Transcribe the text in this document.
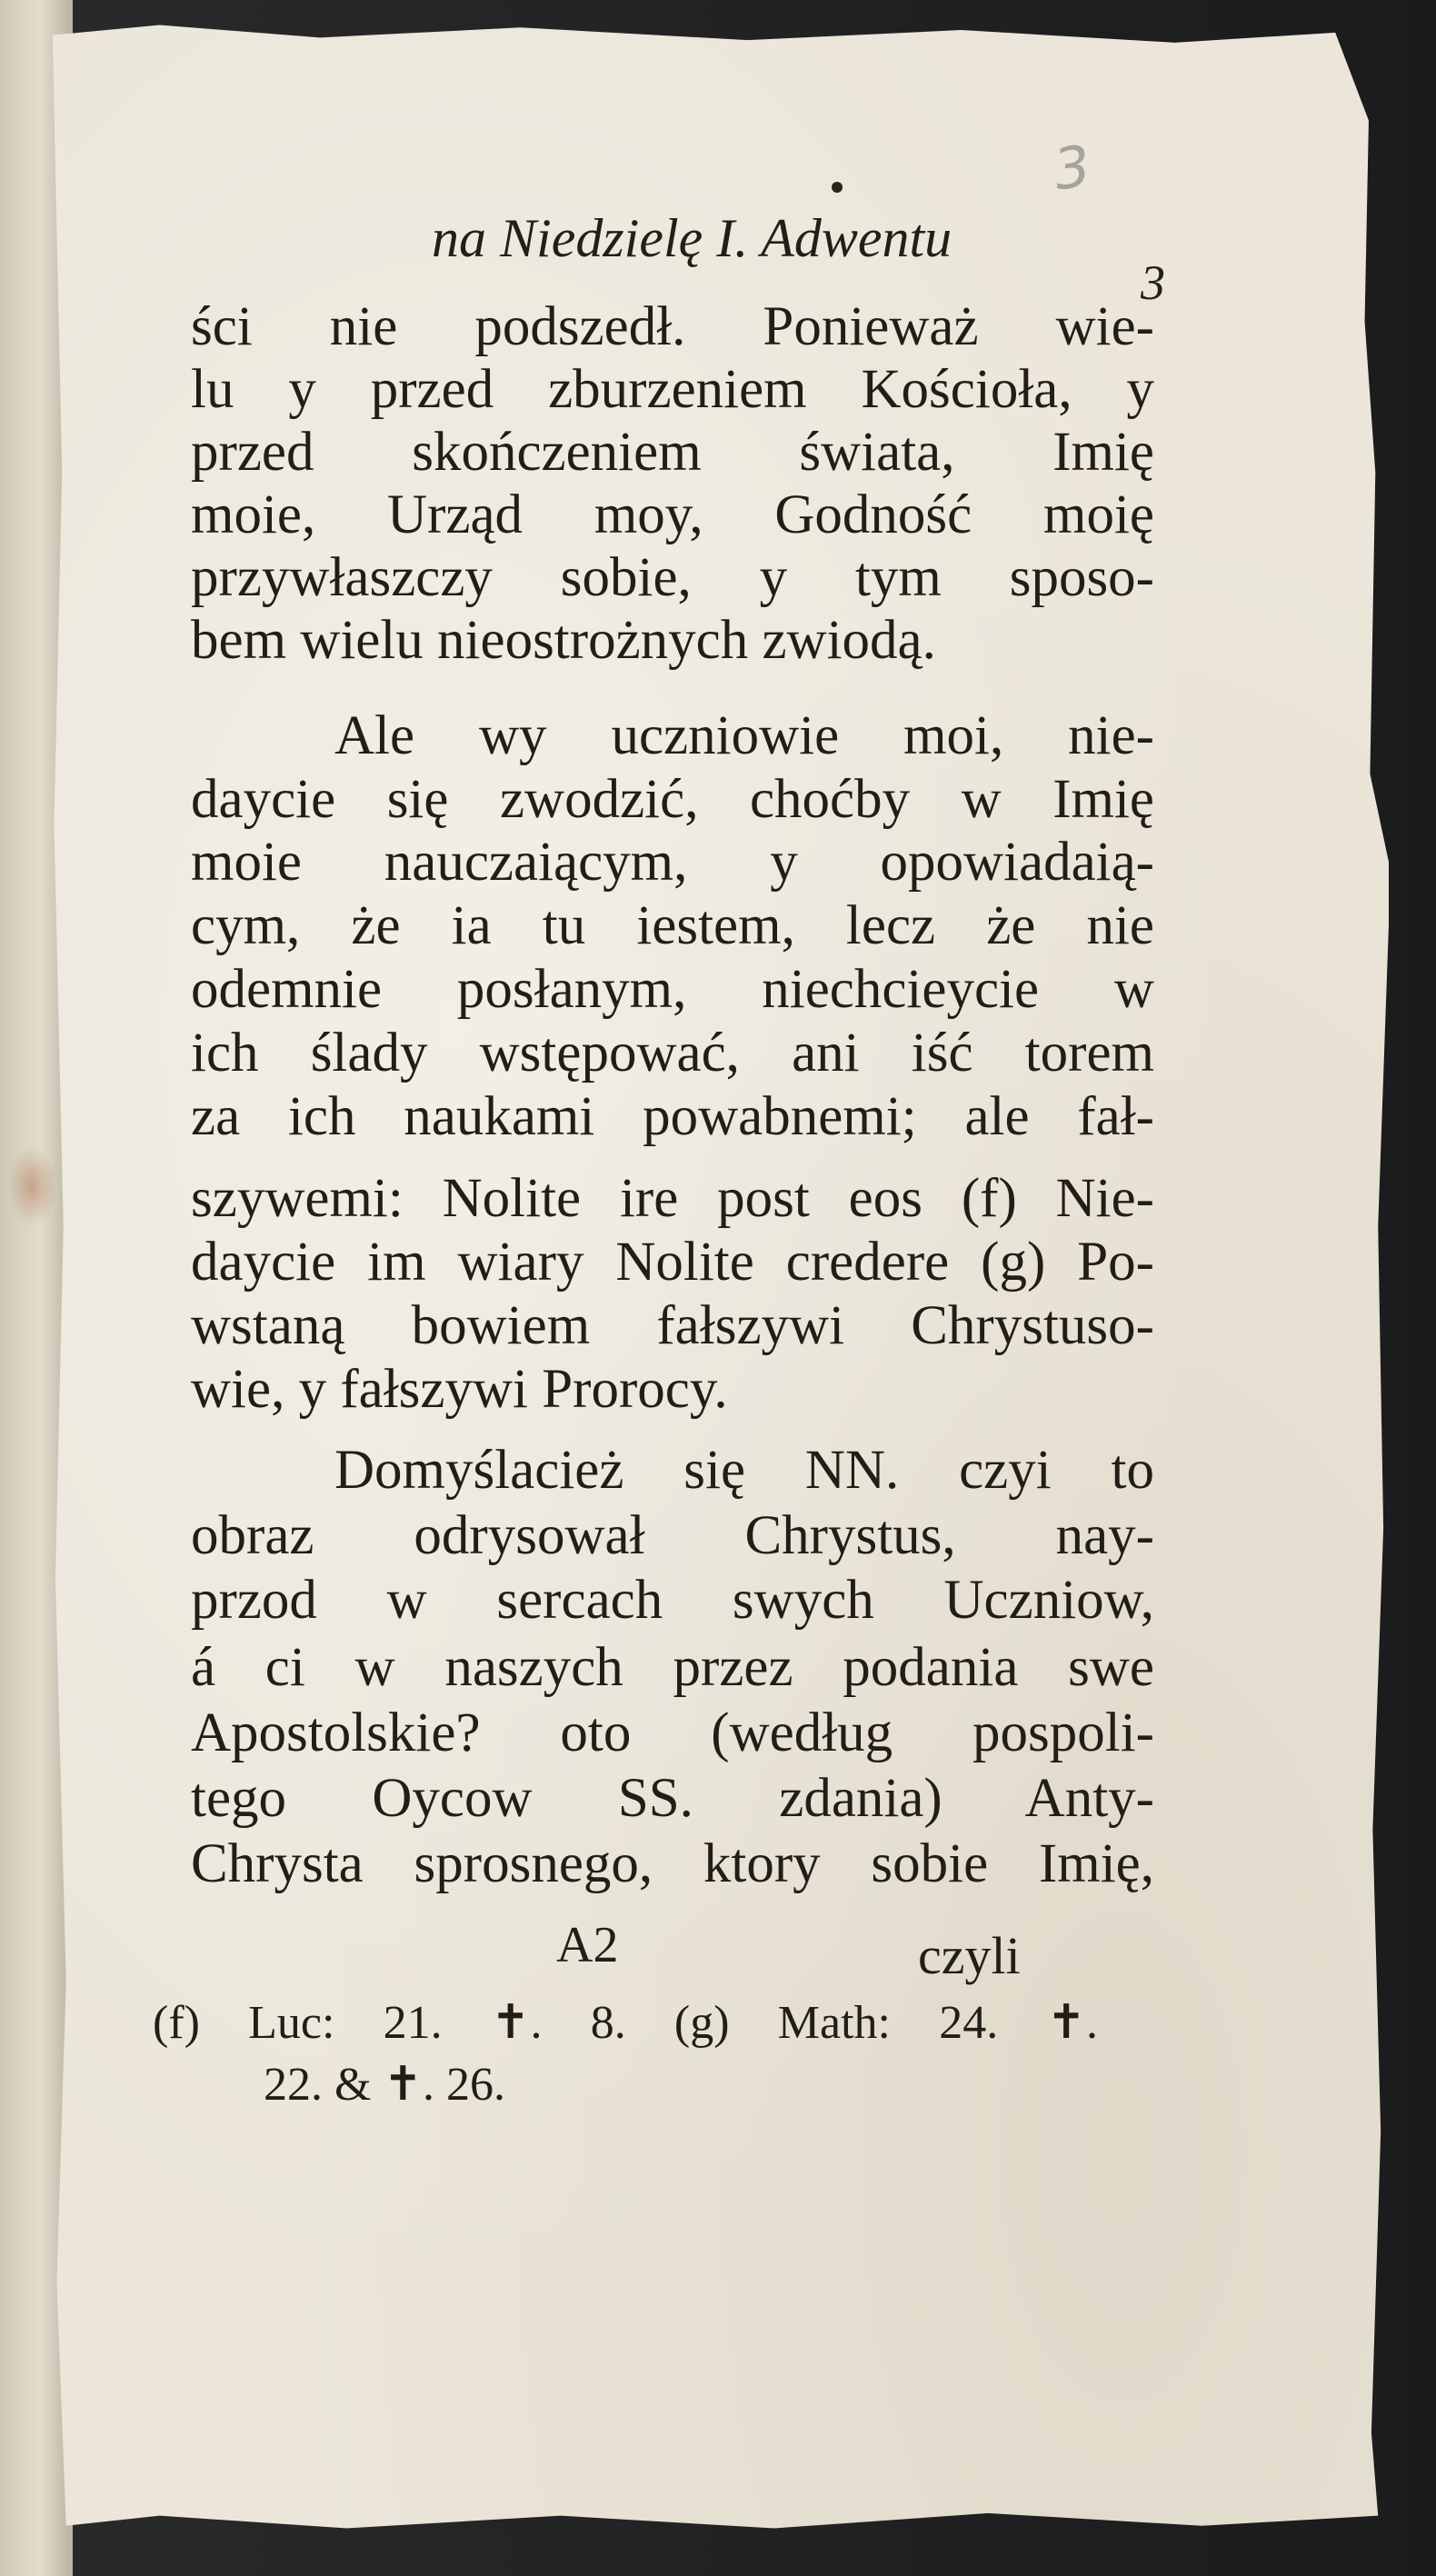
3
na Niedzielę I. Adwentu
3
ści nie podszedł. Ponieważ wie-
lu y przed zburzeniem Kościoła, y
przed skończeniem świata, Imię
moie, Urząd moy, Godność moię
przywłaszczy sobie, y tym sposo-
bem wielu nieostrożnych zwiodą.
Ale wy uczniowie moi, nie-
daycie się zwodzić, choćby w Imię
moie nauczaiącym, y opowiadaią-
cym, że ia tu iestem, lecz że nie
odemnie posłanym, niechcieycie w
ich ślady wstępować, ani iść torem
za ich naukami powabnemi; ale fał-
szywemi: Nolite ire post eos (f) Nie-
daycie im wiary Nolite credere (g) Po-
wstaną bowiem fałszywi Chrystuso-
wie, y fałszywi Prorocy.
Domyślacież się NN. czyi to
obraz odrysował Chrystus, nay-
przod w sercach swych Uczniow,
á ci w naszych przez podania swe
Apostolskie? oto (według pospoli-
tego Oycow SS. zdania) Anty-
Chrysta sprosnego, ktory sobie Imię,
A2	czyli
(f) Luc: 21. ✝. 8. (g) Math: 24. ✝.
22. & ✝. 26.
